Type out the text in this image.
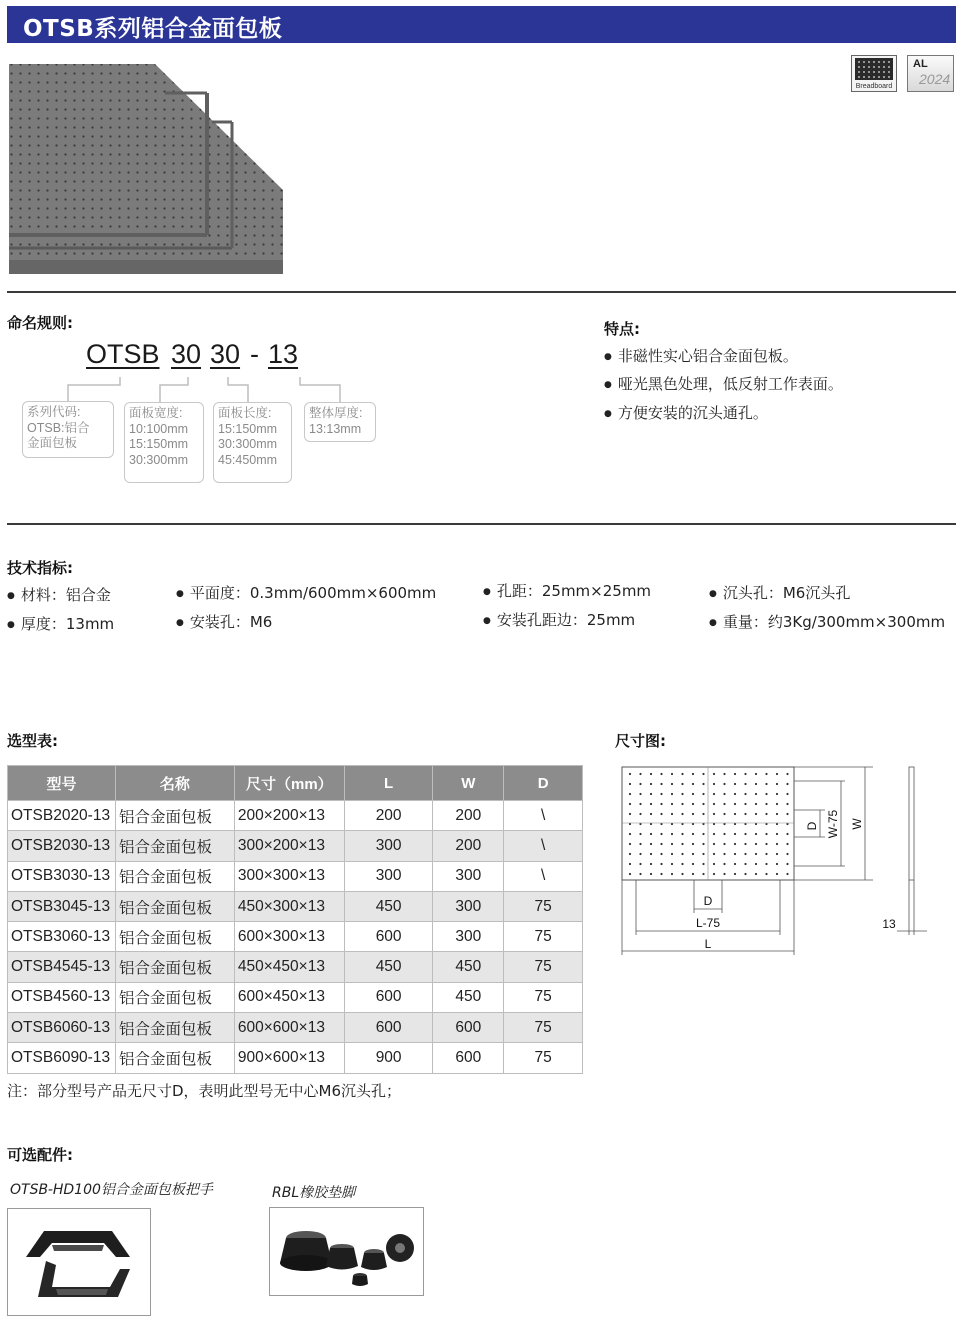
OTSB系列铝合金面包板
Breadboard
AL
2024
命名规则:
OTSB 30 30 - 13
系列代码:
OTSB:铝合
金面包板
面板宽度:
10:100mm
15:150mm
30:300mm
面板长度:
15:150mm
30:300mm
45:450mm
整体厚度:
13:13mm
特点:
● 非磁性实心铝合金面包板。
● 哑光黑色处理，低反射工作表面。
● 方便安装的沉头通孔。
技术指标:
● 材料：铝合金
● 厚度：13mm
● 平面度：0.3mm/600mm×600mm
● 安装孔：M6
● 孔距：25mm×25mm
● 安装孔距边：25mm
● 沉头孔：M6沉头孔
● 重量：约3Kg/300mm×300mm
选型表:
型号	名称	尺寸（mm）	L	W	D
OTSB2020-13	铝合金面包板	200×200×13	200	200	\
OTSB2030-13	铝合金面包板	300×200×13	300	200	\
OTSB3030-13	铝合金面包板	300×300×13	300	300	\
OTSB3045-13	铝合金面包板	450×300×13	450	300	75
OTSB3060-13	铝合金面包板	600×300×13	600	300	75
OTSB4545-13	铝合金面包板	450×450×13	450	450	75
OTSB4560-13	铝合金面包板	600×450×13	600	450	75
OTSB6060-13	铝合金面包板	600×600×13	600	600	75
OTSB6090-13	铝合金面包板	900×600×13	900	600	75
注：部分型号产品无尺寸D，表明此型号无中心M6沉头孔；
尺寸图:
D W-75 W
D
L-75
L
13
可选配件:
OTSB-HD100铝合金面包板把手	RBL橡胶垫脚
